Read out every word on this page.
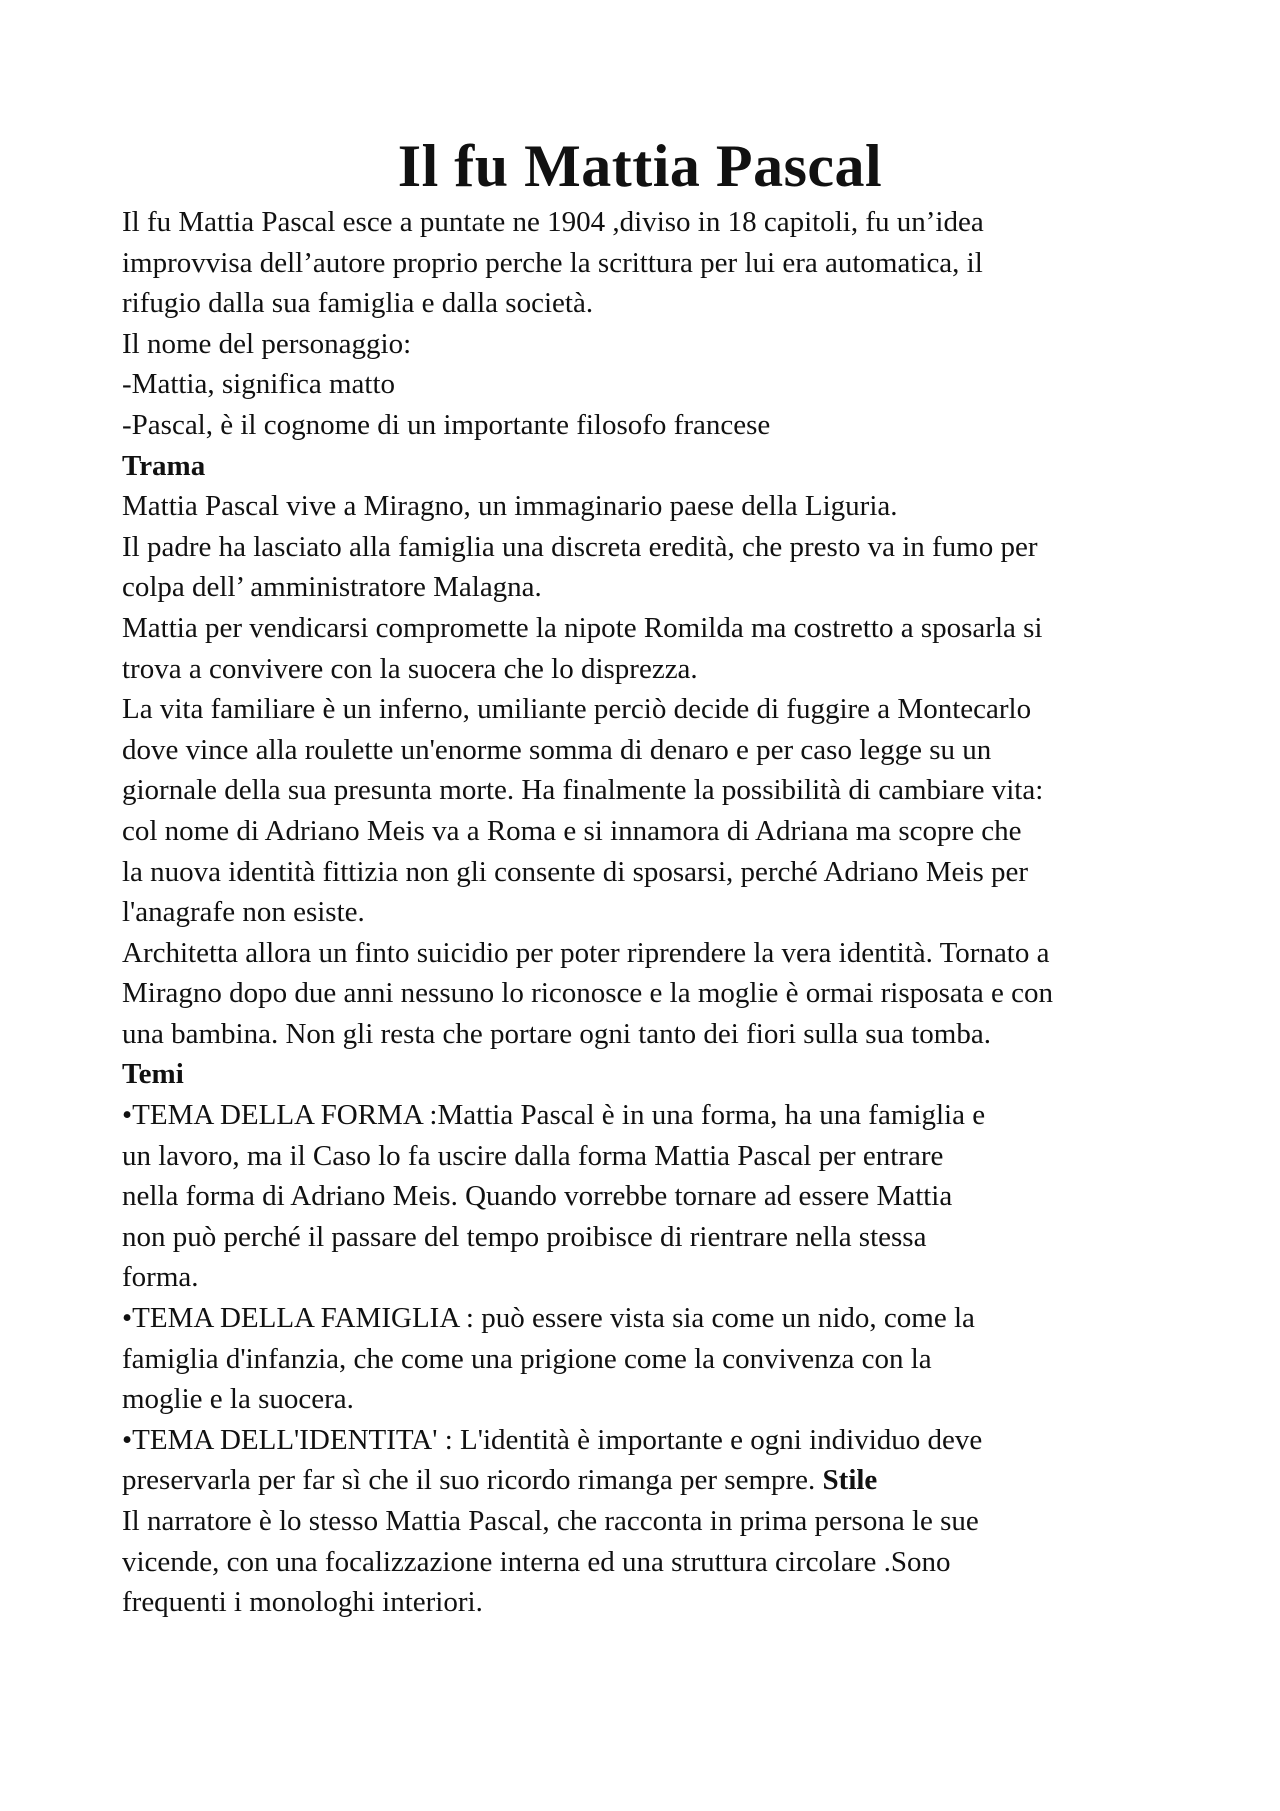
Il fu Mattia Pascal
Il fu Mattia Pascal esce a puntate ne 1904 ,diviso in 18 capitoli, fu un’idea
improvvisa dell’autore proprio perche la scrittura per lui era automatica, il
rifugio dalla sua famiglia e dalla società.
Il nome del personaggio:
-Mattia, significa matto
-Pascal, è il cognome di un importante filosofo francese
Trama
Mattia Pascal vive a Miragno, un immaginario paese della Liguria.
Il padre ha lasciato alla famiglia una discreta eredità, che presto va in fumo per
colpa dell’ amministratore Malagna.
Mattia per vendicarsi compromette la nipote Romilda ma costretto a sposarla si
trova a convivere con la suocera che lo disprezza.
La vita familiare è un inferno, umiliante perciò decide di fuggire a Montecarlo
dove vince alla roulette un'enorme somma di denaro e per caso legge su un
giornale della sua presunta morte. Ha finalmente la possibilità di cambiare vita:
col nome di Adriano Meis va a Roma e si innamora di Adriana ma scopre che
la nuova identità fittizia non gli consente di sposarsi, perché Adriano Meis per
l'anagrafe non esiste.
Architetta allora un finto suicidio per poter riprendere la vera identità. Tornato a
Miragno dopo due anni nessuno lo riconosce e la moglie è ormai risposata e con
una bambina. Non gli resta che portare ogni tanto dei fiori sulla sua tomba.
Temi
•TEMA DELLA FORMA :Mattia Pascal è in una forma, ha una famiglia e
un lavoro, ma il Caso lo fa uscire dalla forma Mattia Pascal per entrare
nella forma di Adriano Meis. Quando vorrebbe tornare ad essere Mattia
non può perché il passare del tempo proibisce di rientrare nella stessa
forma.
•TEMA DELLA FAMIGLIA : può essere vista sia come un nido, come la
famiglia d'infanzia, che come una prigione come la convivenza con la
moglie e la suocera.
•TEMA DELL'IDENTITA' : L'identità è importante e ogni individuo deve
preservarla per far sì che il suo ricordo rimanga per sempre. Stile
Il narratore è lo stesso Mattia Pascal, che racconta in prima persona le sue
vicende, con una focalizzazione interna ed una struttura circolare .Sono
frequenti i monologhi interiori.
